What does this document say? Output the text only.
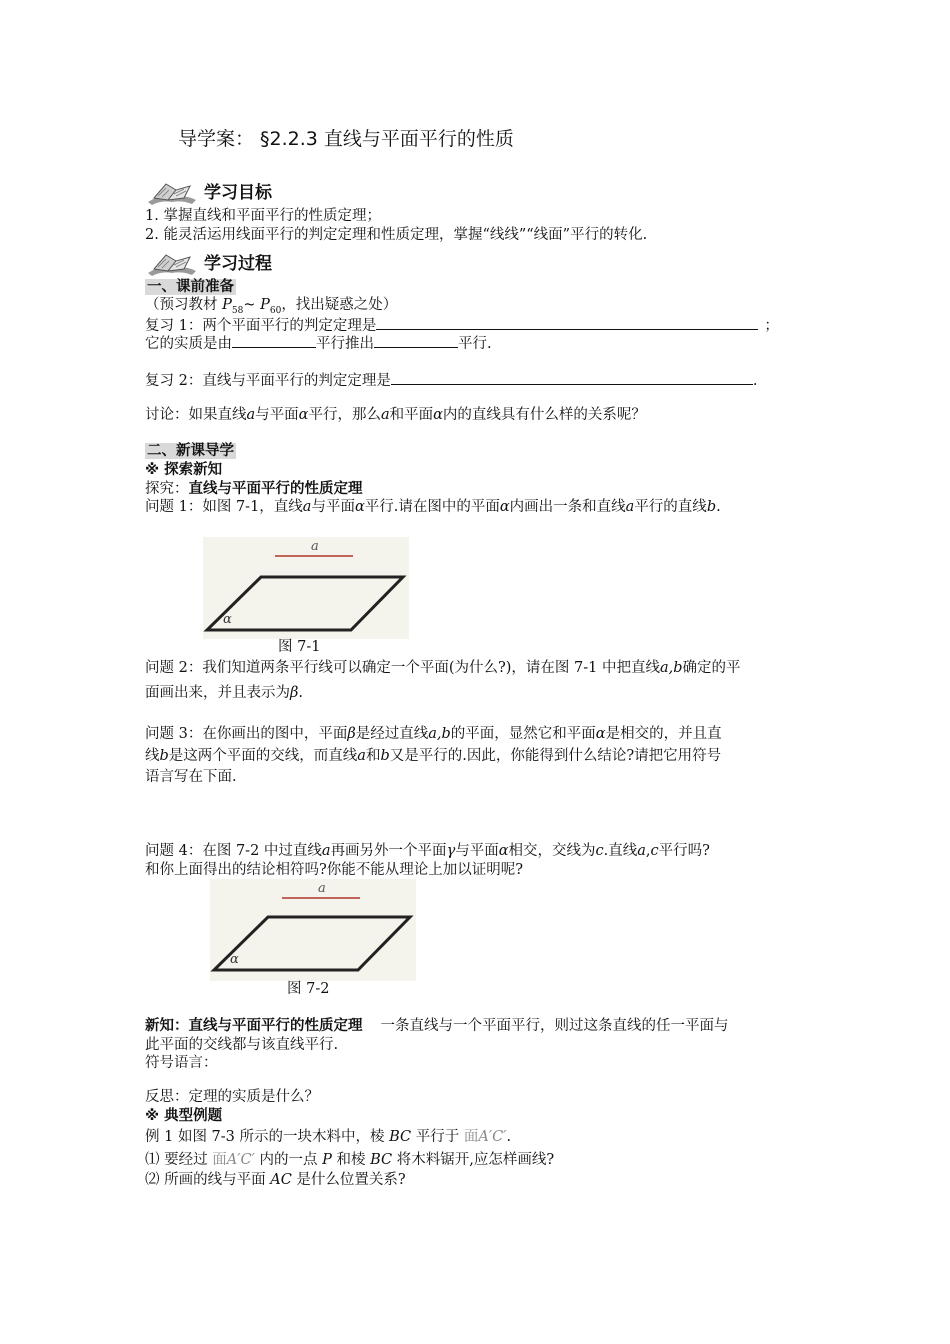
导学案： §2.2.3 直线与平面平行的性质
学习目标
1. 掌握直线和平面平行的性质定理；
2. 能灵活运用线面平行的判定定理和性质定理，掌握“线线”“线面”平行的转化.
学习过程
一、课前准备
（预习教材 $P_{58}\sim$ $P_{60}$，找出疑惑之处）
复习 1：两个平面平行的判定定理是	；
它的实质是由	平行推出	平行.
复习 2：直线与平面平行的判定定理是	.
讨论：如果直线a与平面α平行，那么a和平面α内的直线具有什么样的关系呢？
二、新课导学
※ 探索新知
探究：直线与平面平行的性质定理
问题 1：如图 7-1，直线a与平面α平行.请在图中的平面α内画出一条和直线a平行的直线b.
a
α
图 7-1
问题 2：我们知道两条平行线可以确定一个平面(为什么?)，请在图 7-1 中把直线a,b确定的平
面画出来，并且表示为β.
问题 3：在你画出的图中，平面β是经过直线a,b的平面，显然它和平面α是相交的，并且直
线b是这两个平面的交线，而直线a和b又是平行的.因此，你能得到什么结论?请把它用符号
语言写在下面.
问题 4：在图 7-2 中过直线a再画另外一个平面γ与平面α相交，交线为c.直线a,c平行吗?
和你上面得出的结论相符吗?你能不能从理论上加以证明呢?
a
α
图 7-2
新知：直线与平面平行的性质定理 一条直线与一个平面平行，则过这条直线的任一平面与
此平面的交线都与该直线平行.
符号语言：
反思：定理的实质是什么？
※ 典型例题
例 1 如图 7-3 所示的一块木料中，棱 BC 平行于 面A′C′.
⑴ 要经过 面A′C′ 内的一点 P 和棱 BC 将木料锯开,应怎样画线?
⑵ 所画的线与平面 AC 是什么位置关系?
